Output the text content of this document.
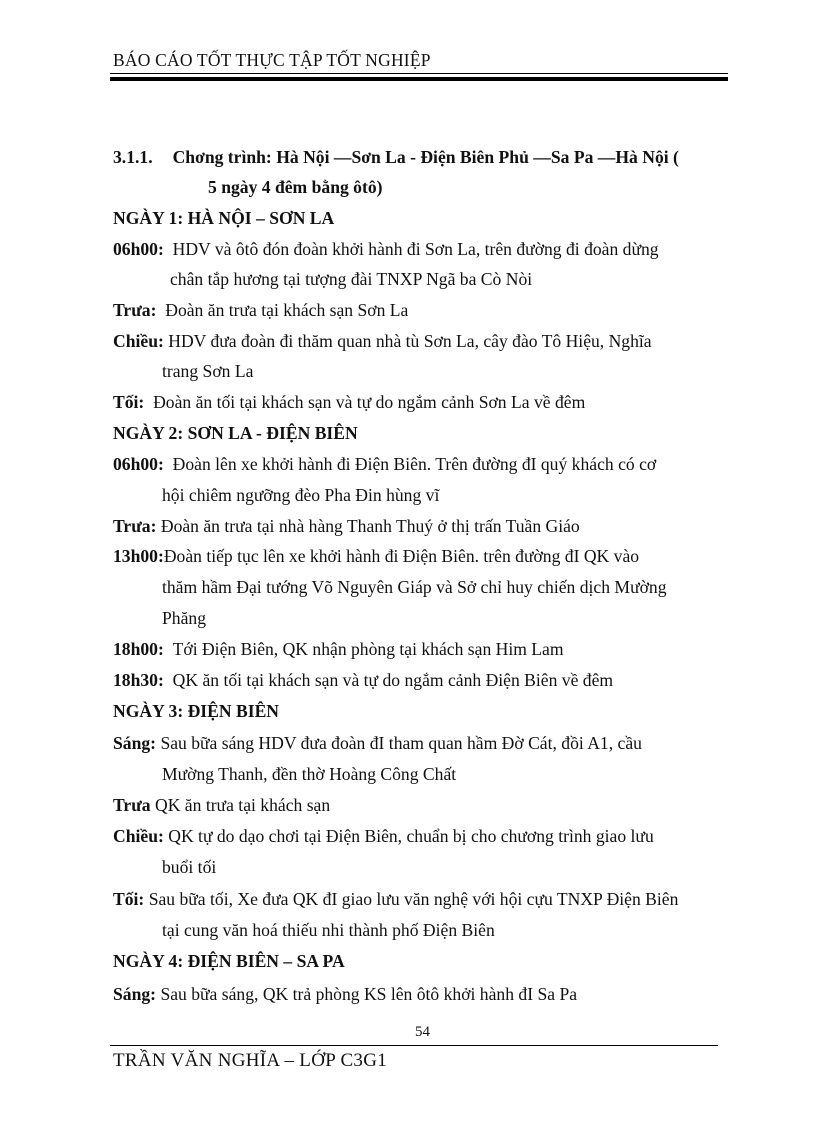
BÁO CÁO TỐT THỰC TẬP TỐT NGHIỆP
3.1.1. Chơng trình: Hà Nội —Sơn La - Điện Biên Phủ —Sa Pa —Hà Nội (
5 ngày 4 đêm bằng ôtô)
NGÀY 1: HÀ NỘI – SƠN LA
06h00: HDV và ôtô đón đoàn khởi hành đi Sơn La, trên đường đi đoàn dừng
chân tắp hương tại tượng đài TNXP Ngã ba Cò Nòi
Trưa: Đoàn ăn trưa tại khách sạn Sơn La
Chiều: HDV đưa đoàn đi thăm quan nhà tù Sơn La, cây đào Tô Hiệu, Nghĩa
trang Sơn La
Tối: Đoàn ăn tối tại khách sạn và tự do ngắm cảnh Sơn La về đêm
NGÀY 2: SƠN LA - ĐIỆN BIÊN
06h00: Đoàn lên xe khởi hành đi Điện Biên. Trên đường đI quý khách có cơ
hội chiêm ngưỡng đèo Pha Đin hùng vĩ
Trưa: Đoàn ăn trưa tại nhà hàng Thanh Thuý ở thị trấn Tuần Giáo
13h00:Đoàn tiếp tục lên xe khởi hành đi Điện Biên. trên đường đI QK vào
thăm hầm Đại tướng Võ Nguyên Giáp và Sở chỉ huy chiến dịch Mường
Phăng
18h00: Tới Điện Biên, QK nhận phòng tại khách sạn Him Lam
18h30: QK ăn tối tại khách sạn và tự do ngắm cảnh Điện Biên về đêm
NGÀY 3: ĐIỆN BIÊN
Sáng: Sau bữa sáng HDV đưa đoàn đI tham quan hầm Đờ Cát, đồi A1, cầu
Mường Thanh, đền thờ Hoàng Công Chất
Trưa QK ăn trưa tại khách sạn
Chiều: QK tự do dạo chơi tại Điện Biên, chuẩn bị cho chương trình giao lưu
buổi tối
Tối: Sau bữa tối, Xe đưa QK đI giao lưu văn nghệ với hội cựu TNXP Điện Biên
tại cung văn hoá thiếu nhi thành phố Điện Biên
NGÀY 4: ĐIỆN BIÊN – SA PA
Sáng: Sau bữa sáng, QK trả phòng KS lên ôtô khởi hành đI Sa Pa
54
TRẦN VĂN NGHĨA – LỚP C3G1
